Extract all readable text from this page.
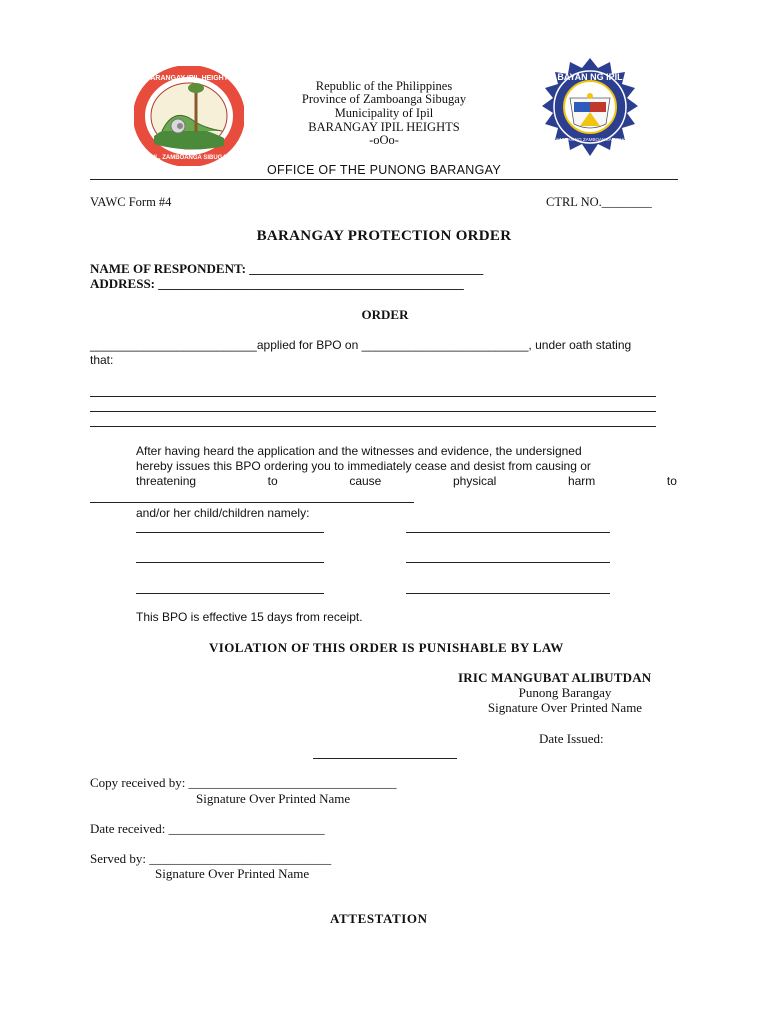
BARANGAY IPIL HEIGHTS
IPIL, ZAMBOANGA SIBUGAY
BAYAN NG IPIL
LALAWIGAN NG ZAMBOANGA SIBUGAY
Republic of the Philippines
Province of Zamboanga Sibugay
Municipality of Ipil
BARANGAY IPIL HEIGHTS
-oOo-
OFFICE OF THE PUNONG BARANGAY
VAWC Form #4	CTRL NO.________
BARANGAY PROTECTION ORDER
NAME OF RESPONDENT: ____________________________________
ADDRESS: _______________________________________________
ORDER
_________________________applied for BPO on _________________________, under oath stating
that:
After having heard the application and the witnesses and evidence, the undersigned
hereby issues this BPO ordering you to immediately cease and desist from causing or
threatening	to	cause	physical	harm	to
and/or her child/children namely:
This BPO is effective 15 days from receipt.
VIOLATION OF THIS ORDER IS PUNISHABLE BY LAW
IRIC MANGUBAT ALIBUTDAN
Punong Barangay
Signature Over Printed Name
Date Issued:
Copy received by: ________________________________
Signature Over Printed Name
Date received: ________________________
Served by: ____________________________
Signature Over Printed Name
ATTESTATION
